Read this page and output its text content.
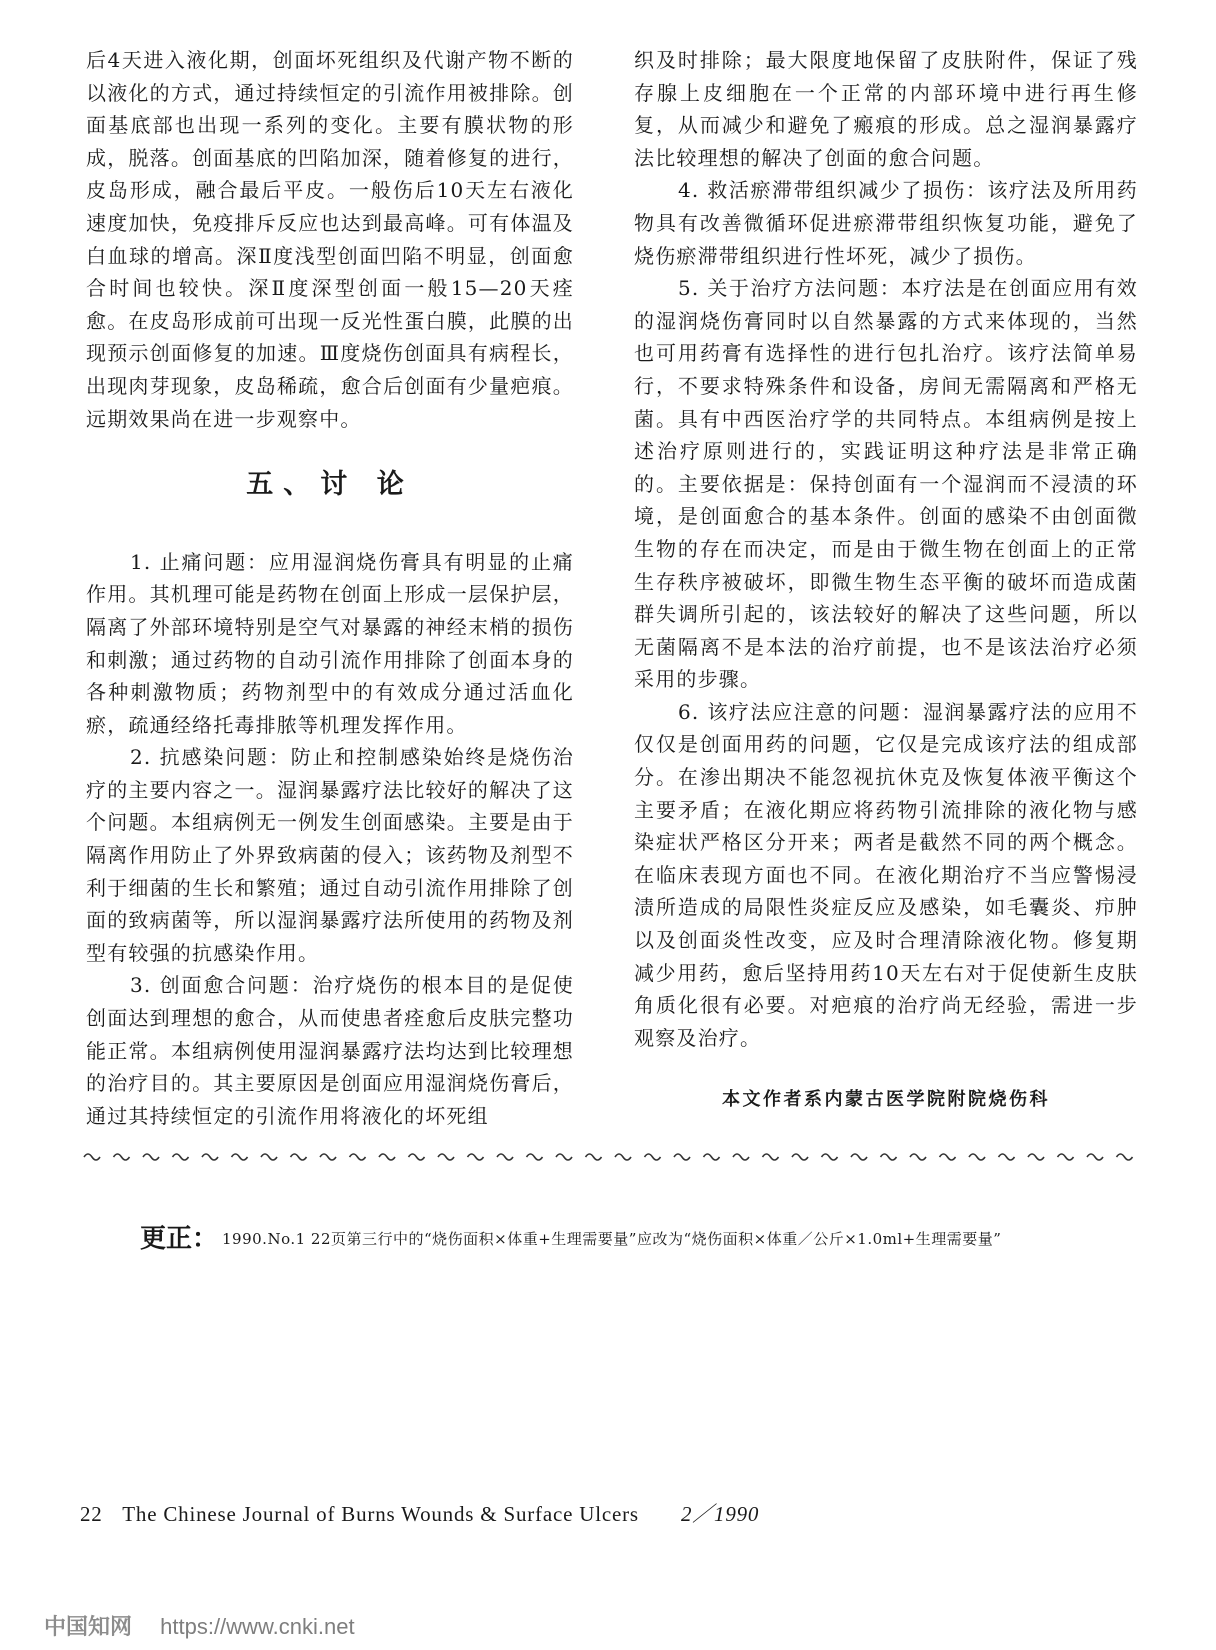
后4天进入液化期，创面坏死组织及代谢产物不断的以液化的方式，通过持续恒定的引流作用被排除。创面基底部也出现一系列的变化。主要有膜状物的形成，脱落。创面基底的凹陷加深，随着修复的进行，皮岛形成，融合最后平皮。一般伤后10天左右液化速度加快，免疫排斥反应也达到最高峰。可有体温及白血球的增高。深Ⅱ度浅型创面凹陷不明显，创面愈合时间也较快。深Ⅱ度深型创面一般15—20天痊愈。在皮岛形成前可出现一反光性蛋白膜，此膜的出现预示创面修复的加速。Ⅲ度烧伤创面具有病程长，出现肉芽现象，皮岛稀疏，愈合后创面有少量疤痕。远期效果尚在进一步观察中。

五、讨 论

1. 止痛问题：应用湿润烧伤膏具有明显的止痛作用。其机理可能是药物在创面上形成一层保护层，隔离了外部环境特别是空气对暴露的神经末梢的损伤和刺激；通过药物的自动引流作用排除了创面本身的各种刺激物质；药物剂型中的有效成分通过活血化瘀，疏通经络托毒排脓等机理发挥作用。

2. 抗感染问题：防止和控制感染始终是烧伤治疗的主要内容之一。湿润暴露疗法比较好的解决了这个问题。本组病例无一例发生创面感染。主要是由于隔离作用防止了外界致病菌的侵入；该药物及剂型不利于细菌的生长和繁殖；通过自动引流作用排除了创面的致病菌等，所以湿润暴露疗法所使用的药物及剂型有较强的抗感染作用。

3. 创面愈合问题：治疗烧伤的根本目的是促使创面达到理想的愈合，从而使患者痊愈后皮肤完整功能正常。本组病例使用湿润暴露疗法均达到比较理想的治疗目的。其主要原因是创面应用湿润烧伤膏后，通过其持续恒定的引流作用将液化的坏死组

织及时排除；最大限度地保留了皮肤附件，保证了残存腺上皮细胞在一个正常的内部环境中进行再生修复，从而减少和避免了瘢痕的形成。总之湿润暴露疗法比较理想的解决了创面的愈合问题。

4. 救活瘀滞带组织减少了损伤：该疗法及所用药物具有改善微循环促进瘀滞带组织恢复功能，避免了烧伤瘀滞带组织进行性坏死，减少了损伤。

5. 关于治疗方法问题：本疗法是在创面应用有效的湿润烧伤膏同时以自然暴露的方式来体现的，当然也可用药膏有选择性的进行包扎治疗。该疗法简单易行，不要求特殊条件和设备，房间无需隔离和严格无菌。具有中西医治疗学的共同特点。本组病例是按上述治疗原则进行的，实践证明这种疗法是非常正确的。主要依据是：保持创面有一个湿润而不浸渍的环境，是创面愈合的基本条件。创面的感染不由创面微生物的存在而决定，而是由于微生物在创面上的正常生存秩序被破坏，即微生物生态平衡的破坏而造成菌群失调所引起的，该法较好的解决了这些问题，所以无菌隔离不是本法的治疗前提，也不是该法治疗必须采用的步骤。

6. 该疗法应注意的问题：湿润暴露疗法的应用不仅仅是创面用药的问题，它仅是完成该疗法的组成部分。在渗出期决不能忽视抗休克及恢复体液平衡这个主要矛盾；在液化期应将药物引流排除的液化物与感染症状严格区分开来；两者是截然不同的两个概念。在临床表现方面也不同。在液化期治疗不当应警惕浸渍所造成的局限性炎症反应及感染，如毛囊炎、疖肿以及创面炎性改变，应及时合理清除液化物。修复期减少用药，愈后坚持用药10天左右对于促使新生皮肤角质化很有必要。对疤痕的治疗尚无经验，需进一步观察及治疗。

本文作者系内蒙古医学院附院烧伤科
更正： 1990.No.1 22页第三行中的“烧伤面积×体重+生理需要量”应改为“烧伤面积×体重／公斤×1.0ml+生理需要量”
22 The Chinese Journal of Burns Wounds & Surface Ulcers 2／1990
中国知网 https://www.cnki.net
